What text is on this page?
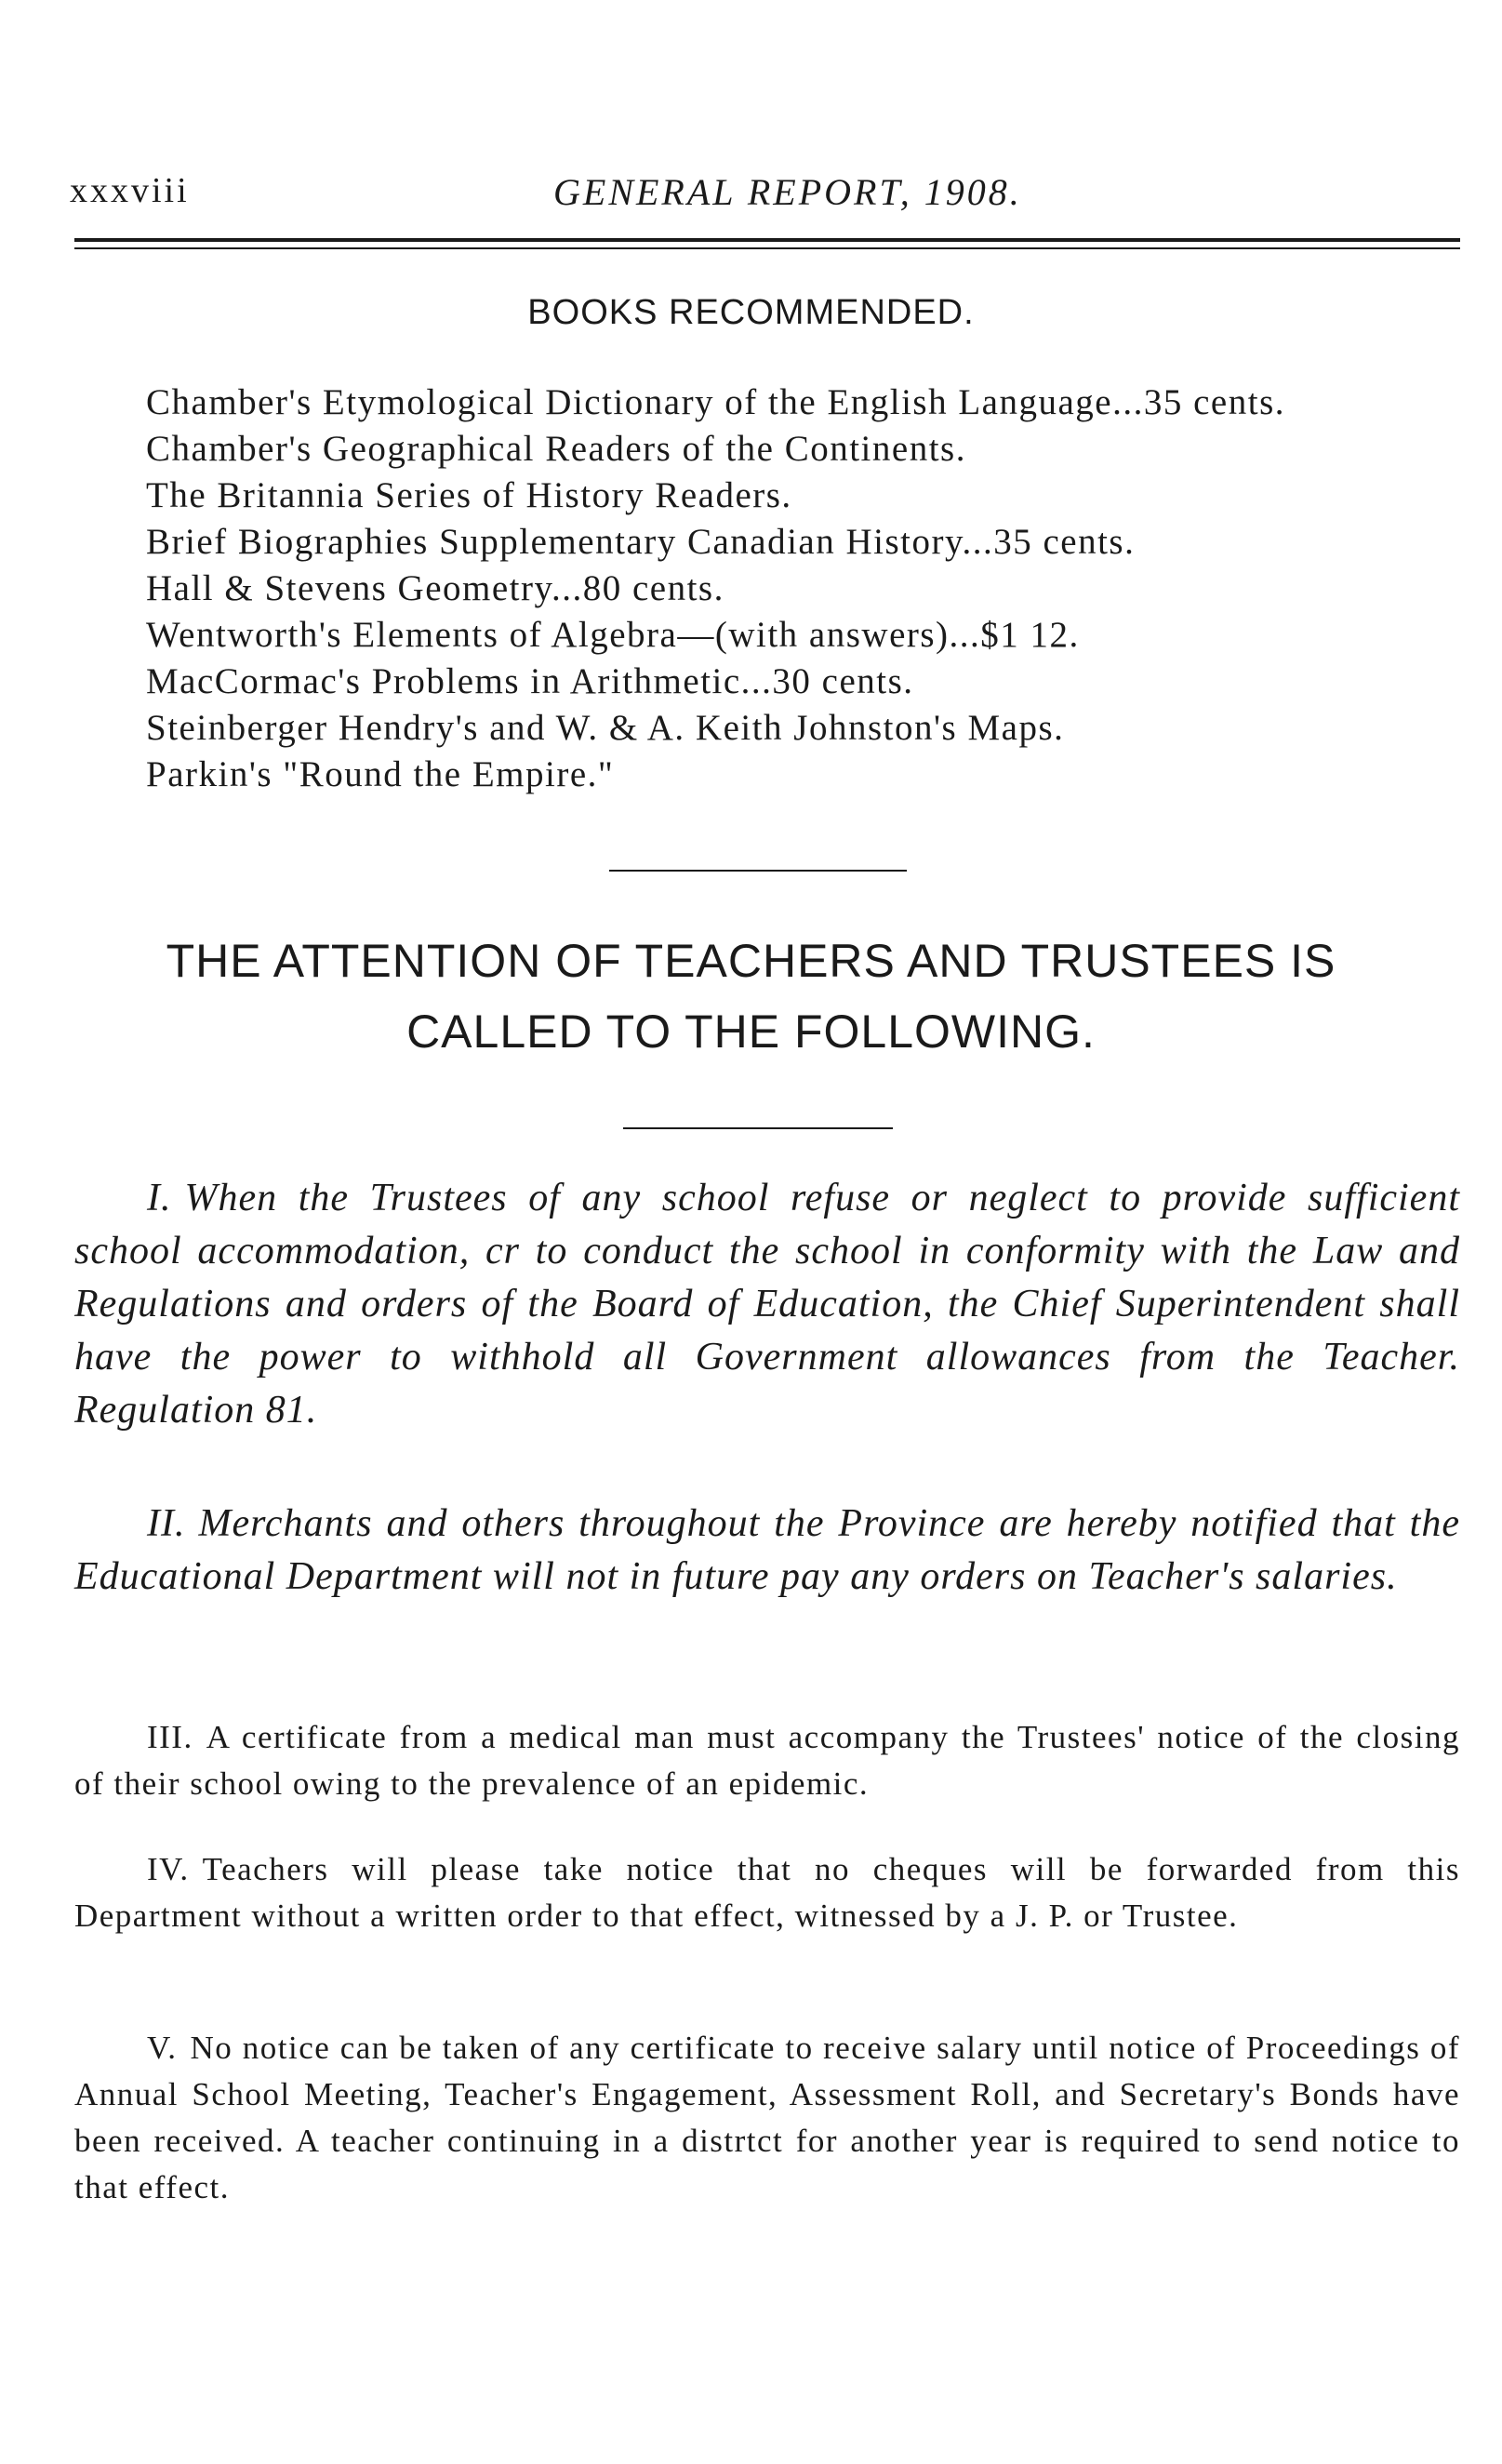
xxxviii	GENERAL REPORT, 1908.
BOOKS RECOMMENDED.
Chamber's Etymological Dictionary of the English Language...35 cents.
Chamber's Geographical Readers of the Continents.
The Britannia Series of History Readers.
Brief Biographies Supplementary Canadian History...35 cents.
Hall & Stevens Geometry...80 cents.
Wentworth's Elements of Algebra—(with answers)...$1 12.
MacCormac's Problems in Arithmetic...30 cents.
Steinberger Hendry's and W. & A. Keith Johnston's Maps.
Parkin's "Round the Empire."
THE ATTENTION OF TEACHERS AND TRUSTEES IS
CALLED TO THE FOLLOWING.

I. When the Trustees of any school refuse or neglect to provide sufficient school accommodation, cr to conduct the school in conformity with the Law and Regulations and orders of the Board of Education, the Chief Superintendent shall have the power to withhold all Government allowances from the Teacher. Regulation 81.

II. Merchants and others throughout the Province are hereby notified that the Educational Department will not in future pay any orders on Teacher's salaries.

III. A certificate from a medical man must accompany the Trustees' notice of the closing of their school owing to the prevalence of an epidemic.

IV. Teachers will please take notice that no cheques will be forwarded from this Department without a written order to that effect, witnessed by a J. P. or Trustee.

V. No notice can be taken of any certificate to receive salary until notice of Proceedings of Annual School Meeting, Teacher's Engagement, Assessment Roll, and Secretary's Bonds have been received. A teacher continuing in a distrtct for another year is required to send notice to that effect.
